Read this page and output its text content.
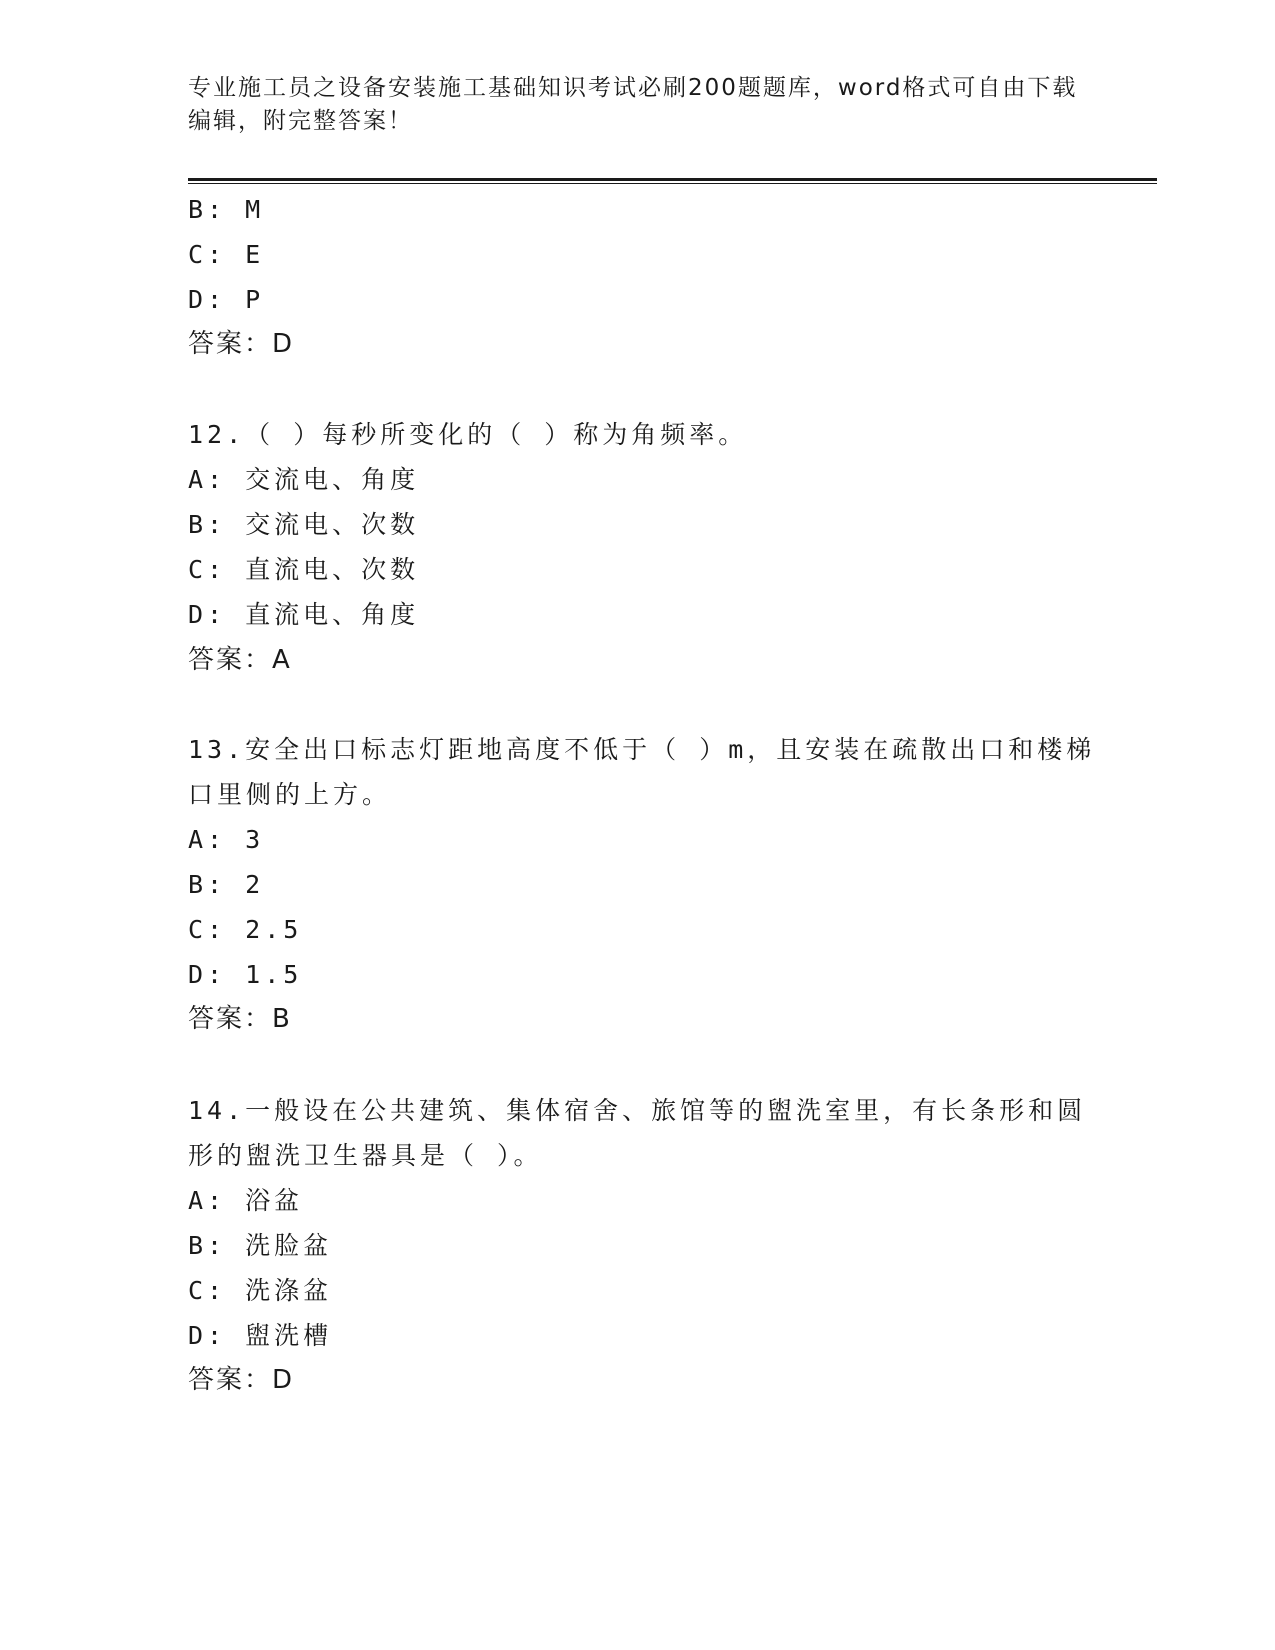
专业施工员之设备安装施工基础知识考试必刷200题题库，word格式可自由下载
编辑，附完整答案！
B: M
C: E
D: P
答案：D
12.（ ）每秒所变化的（ ）称为角频率。
A: 交流电、角度
B: 交流电、次数
C: 直流电、次数
D: 直流电、角度
答案：A
13.安全出口标志灯距地高度不低于（ ）m，且安装在疏散出口和楼梯
口里侧的上方。
A: 3
B: 2
C: 2.5
D: 1.5
答案：B
14.一般设在公共建筑、集体宿舍、旅馆等的盥洗室里，有长条形和圆
形的盥洗卫生器具是（ ）。
A: 浴盆
B: 洗脸盆
C: 洗涤盆
D: 盥洗槽
答案：D
